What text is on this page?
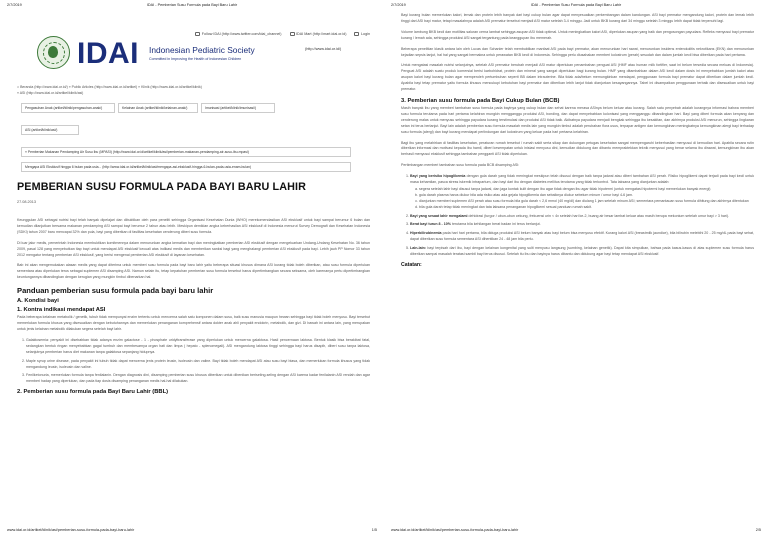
2/7/2019	IDAI - Pemberian Susu Formula pada Bayi Baru Lahir
Follow IDAI (http://www.twitter.com/idai_channel)	IDAI Mart (http://mart.idai.or.id)	Login
IDAI Indonesian Pediatric Society
Committed in Improving the Health of Indonesian Children
(http://www.idai.or.id/)
⌂ Beranda (http://www.idai.or.id/) » Public Articles (http://www.idai.or.id/artikel) » Klinik (http://www.idai.or.id/artikel/klinik)
» ASI (http://www.idai.or.id/artikel/klinik/asi)
Pengasuhan Anak (artikel/klinik/pengasuhan-anak/)	Kelainan Anak (artikel/klinik/kelainan-anak/)	Imunisasi (artikel/klinik/imunisasi/)
ASI (artikel/klinik/asi/)
« Pemberian Makanan Pendamping Air Susu Ibu (MPASI) (http://www.idai.or.id/artikel/klinik/asi/pemberian-makanan-pendamping-air-susu-ibu-mpasi)
Mengapa ASI Eksklusif hingga 6 bulan pada usia... (http://www.idai.or.id/artikel/klinik/asi/mengapa-asi-eksklusif-hingga-6-bulan-pada-usia-enam-bulan)
PEMBERIAN SUSU FORMULA PADA BAYI BARU LAHIR
27.08.2013

Keunggulan ASI sebagai nutrisi bayi telah banyak dipelajari dan dibuktikan oleh para peneliti sehingga Organisasi Kesehatan Dunia (WHO) merekomendasikan ASI eksklusif untuk bayi sampai berumur 6 bulan dan kemudian dilanjutkan bersama makanan pendamping ASI sampai bayi berumur 2 tahun atau lebih. Meskipun demikian angka keberhasilan ASI eksklusif di Indonesia menurut Survey Demografi dan Kesehatan Indonesia (SDKI) tahun 2007 baru mencapai 32% dan pula, bayi yang diberikan di fasilitas kesehatan cenderung diberi susu formula.

Di luar jalur medis, pemerintah Indonesia membuktikan komitmennya dalam menurunkan angka kematian bayi dan meningkatkan pemberian ASI eksklusif dengan mengeluarkan Undang-Undang Kesehatan No. 36 tahun 2009, pasal 128 yang menyebutkan tiap bayi untuk mendapat ASI eksklusif kecuali atas indikasi medis dan memberikan sanksi bagi yang menghalangi pemberian ASI eksklusif pada bayi. Lebih jauh PP Nomor 33 tahun 2012 mengatur tentang pemberian ASI eksklusif, yang berisi mengenai pemberian ASI eksklusif di layanan kesehatan.

Bab ini akan mengemukakan alasan medis yang dapat diterima untuk memberi susu formula pada bayi baru lahir yaitu beberapa situasi khusus dimana ASI kurang tidak boleh diberikan, atau susu formula diperlukan sementara atau diperlukan terus sebagai suplemen ASI disamping ASI. Namun selain itu, tetap kepatuhan pemberian susu formula tersebut harus dipertimbangkan secara seksama, oleh karenanya pertu dipertimbangkan keuntungannya dibandingkan dengan kerugian yang mungkin timbul dibenarkan hal.

Panduan pemberian susu formula pada bayi baru lahir
A. Kondisi bayi
1. Kontra indikasi mendapat ASI

Pada beberapa kelainan metabolik / genetik, tubuh tidak mempunyai enzim tertentu untuk mencerna salah satu komponen dalam susu, baik susu manusia maupun hewan sehingga bayi tidak boleh menyusu. Bayi tersebut memerlukan formula khusus yang disesuaikan dengan kebutuhannya dan memerlukan penanganan komprehensif antara dokter anak ahli penyakit endokrin, metabolik, dan gizi. Di bawah ini antara lain, yang merupakan untuk jenis kelainan metabolik dilakukan segera setelah bayi lahir.

1. Galaktosemia: penyakit ini disebabkan tidak adanya enzim galactose - 1 - phosphate uridyltransferase yang diperlukan untuk mencerna galaktosa. Hasil pencernaan laktosa. Bentuk klasik bisa berakibat fatal, sedangkan bentuk ringan menyebabkan gagal tumbuh dan membesarnya organ hati dan limpa ( hepato - splenomegali). ASI mengandung laktosa tinggi sehingga bayi harus disapih, diberi susu tanpa laktosa, selanjutnya pemberian harus diet makanan tanpa galaktosa sepanjang hidupnya.
2. Maple syrup urine disease, pada penyakit ini tubuh tidak dapat mencerna jenis protein leusin, isoleusin dan valine. Bayi tidak boleh mendapat ASI atau susu bayi biasa, dan memerlukan formula khusus yang tidak mengandung leusin, isoleusin dan valine.
3. Fenilketonuria, memerlukan formula tanpa fenilalanin. Dengan diagnosis dini, disamping pemberian susu khusus diberikan untuk dibenikan beriseling-seling dengan ASI karena kadar fenilalanin ASI rendah dan agar memberi hadap yang diperlukan, dan pada tiap dosis disamping penanganan medis hal-hal dilakukan.
2. Pemberian susu formula pada Bayi Baru Lahir (BBL)
www.idai.or.id/artikel/klinik/asi/pemberian-susu-formula-pada-bayi-baru-lahir	1/5
2/7/2019	IDAI - Pemberian Susu Formula pada Bayi Baru Lahir

Bayi kurang bulan memerlukan kalori, lemak dan protein lebih banyak dari bayi cukup bulan agar dapat menyesuaikan perkembangan dalam kandungan. ASI bayi prematur mengandung kalori, protein dan lemak lebih tinggi dari ASI bayi matur, tetapi masalahnya adalah ASI prematur tersebut menjadi ASI matur setelah 3-4 minggu. Jadi untuk BKB kurang dari 34 minggu setelah 3 minggu lebih dapat tidak terpenuhi lagi.

Volume lambung BKB kecil dan motilitas saluran cerna lambat sehingga asupan ASI tidak optimal. Untuk meningkatkan kalori ASI, diperlukan asupan yang baik dan pengosongan payudara. Refleks menyusui bayi prematur kurang / lemah ada, sehingga produksi ASI sangat tergantung pada keanggupan ibu memerah.

Beberapa penelitian klasik antara lain oleh Lucas dan Schanler telah membuktikan manfaat ASI pada bayi prematur, akan menurunkan hari rawat, menurunkan insidens enterokolitis nekrotikans (EKN) dan menurunkan kejadian sepsis lanjut, hal hal yang sangat bermakna untuk perawatan BKB kecil di Indonesia. Sehingga perlu diusahakan memberi kolostrum (perah) sesudah dan dalam jumlah kecil bisa diberikan pada hari pertama.

Untuk mengatasi masalah nutrisi selanjutnya, setelah ASI prematur berubah menjadi ASI matur diperlukan penambahan penguat ASI (HMF atau human milk fortifier, saat ini belum tersedia secara meluas di Indonesia). Penguat ASI adalah suatu produk komersial berisi karbohidrat, protein dan mineral yang sangat diperlukan bagi kurang bulan. HMF yang ditambahkan dalam ASI kecil dalam dosis ini menyebabkan jumlah kalori atau asupan kalori bayi kurang bulan agar memperoleh pertumbuhan seperti BB dalam intrauterine. Bila tidak ada/belum memungkinkan mendapat, penggunaan formula bayi prematur dapat diberikan dalam jumlah kecil. Apabila bayi tetap prematur yaitu formula khusus mencukupi kebutuhan bayi prematur dan diberikan lebih lanjut tidak dianjurkan kesayangannya. Tabel ini disampaikan penggunaan terbaik dan disesuaikan untuk bayi prematur.

3. Pemberian susu formula pada Bayi Cukup Bulan (BCB)

Masih banyak ibu yang memberi tambahan susu formula pada bayinya yang cukup bulan dan sehat karena merasa ASInya belum keluar atau kurang. Salah satu penyebab adalah kurangnya informasi bahwa memberi susu formula terutama pada hari pertama kelahiran mungkin mengganggu produksi ASI, bonding, dan dapat menyebabkan kolonisasi yang mengganggu dibandingkan hari. Bayi yang diberi formula akan kenyang dan cenderung malas untuk menyusu sehingga payudara kurang terstimulasi dan produksi ASI tidak baik. Akibatnya payudara menjadi bengkak sehingga ibu kesakitan, dan akhirnya produksi ASI menurun, sehingga lingkaran setan ini terus berlanjut. Bayi lain adalah pemberian susu formula masalah medis lain yang mungkin timbul adalah perubahan flora usus, terpapar antigen dan kemungkinan meningkatnya kemungkinan alergi bayi terhadap susu formula (alergi) dan bayi kurang mendapat perlindungan dari kolostrum yang keluar pada hari pertama kelahiran.

Bagi ibu yang melahirkan di fasilitas kesehatan, peraturan rumah tersebut / rumah sakit serta sikap dan dukungan petugas kesehatan sangat mempengaruhi keberhasilan menyusui di kemudian hari. Apabila secara rutin diberikan informasi dan motivasi kepada ibu hamil, diberi kesempatan untuk inisiasi menyusu dini, kemudian didukung dan dibantu mempraktekkan teknik menyusui yang benar selama ibu dirawat, kemungkinan ibu akan berhasil menyusui eksklusif sehingga tambahan pengganti ASI tidak diperlukan.

Pertimbangan memberi tambahan susu formula pada BCB disamping ASI:

1. Bayi yang berisiko hipoglikemia dengan gula darah yang tidak meningkat meskipun telah disusui dengan baik tanpa jadwal atau diberi tambahan ASI perah. Risiko hipoglikemi dapat terjadi pada bayi kecil untuk masa kehamilan, pasca stress iskemik intrapartum, dan bayi dari ibu dengan diabetes mellitus terutama yang tidak terkontrol. Tata laksana yang dianjurkan adalah:
a. segera setelah lahir bayi disusui tanpa jadwal, dan jaga kontak kulit dengan ibu agar tidak dengan ibu agar tidak hipotermi (untuk mengatasi hipotermi bayi memerlukan banyak energi)
b. gula darah plasma harus diukur bila ada risiko atau ada gejala hipoglikemia dan sebaiknya diukur sebelum minum / umur bayi 4-6 jam.
c. dianjurkan memberi suplemen ASI perah atau susu formula bila gula darah < 2,6 mmol (40 mg/dl) dan diulang 1 jam setelah minum ASI; sementara pemantauan susu formula dihitung dan akhirnya ditentukan
d. bila gula darah tetap tidak meningkat dan tata laksana penanganan hipoglikemi sesuai panduan rumah sakit.
2. Bayi yang sesaat lahir mengalami dehidrasi (turgor / ubun-ubun cekung, frekuensi urin < 4x setelah hari ke-2, buang air besar lambat keluar atau masih berupa mekonium setelah umur bayi > 3 hari).
3. Berat bayi turun 8 - 10% terutama bila kehilangan berat badan ini terus berlanjut.
4. Hiperbilirubinemia pada hari hari pertama, bila diduga produksi ASI belum banyak atau bayi belum bisa menyusu efektif. Kurang kalori ASI (breastmilk jaundice), bila bilirubin melebihi 20 - 25 mg/dL pada bayi sehat, dapat diberikan susu formula sementara ASI dihentikan 24 - 48 jam bila perlu.
5. Lain-lain: bayi terpisah dari ibu, bayi dengan kelainan kongenital yang sulit menyusu langsung (sumbing, kelainan genetik). Dapat kita simpulkan, bahwa pada kasus-kasus di atas suplemen susu formula harus diberikan sampai masalah teratasi sambil bayi terus disusui. Setelah itu ibu dan bayinya harus dibantu dan didukung agar bayi tetap mendapat ASI eksklusif.
Catatan:
www.idai.or.id/artikel/klinik/asi/pemberian-susu-formula-pada-bayi-baru-lahir	2/5
